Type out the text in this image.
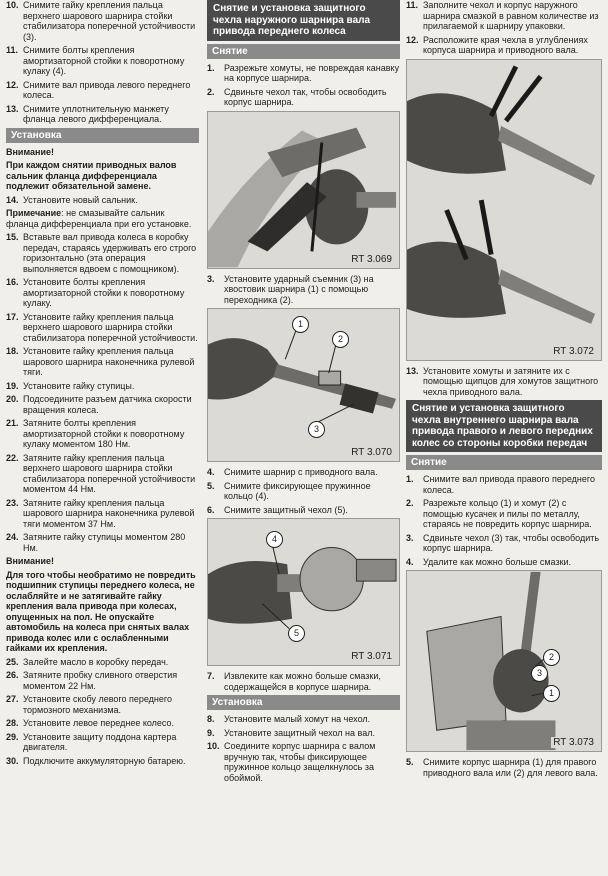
10. Снимите гайку крепления пальца верхнего шарового шарнира стойки стабилизатора поперечной устойчивости (3).
11. Снимите болты крепления амортизаторной стойки к поворотному кулаку (4).
12. Снимите вал привода левого переднего колеса.
13. Снимите уплотнительную манжету фланца левого дифференциала.
Установка
Внимание!
При каждом снятии приводных валов сальник фланца дифференциала подлежит обязательной замене.
14. Установите новый сальник.
Примечание: не смазывайте сальник фланца дифференциала при его установке.
15. Вставьте вал привода колеса в коробку передач, стараясь удерживать его строго горизонтально (эта операция выполняется вдвоем с помощником).
16. Установите болты крепления амортизаторной стойки к поворотному кулаку.
17. Установите гайку крепления пальца верхнего шарового шарнира стойки стабилизатора поперечной устойчивости.
18. Установите гайку крепления пальца шарового шарнира наконечника рулевой тяги.
19. Установите гайку ступицы.
20. Подсоедините разъем датчика скорости вращения колеса.
21. Затяните болты крепления амортизаторной стойки к поворотному кулаку моментом 180 Нм.
22. Затяните гайку крепления пальца верхнего шарового шарнира стойки стабилизатора поперечной устойчивости моментом 44 Нм.
23. Затяните гайку крепления пальца шарового шарнира наконечника рулевой тяги моментом 37 Нм.
24. Затяните гайку ступицы моментом 280 Нм.
Внимание!
Для того чтобы необратимо не повредить подшипник ступицы переднего колеса, не ослабляйте и не затягивайте гайку крепления вала привода при колесах, опущенных на пол. Не опускайте автомобиль на колеса при снятых валах привода колес или с ослабленными гайками их крепления.
25. Залейте масло в коробку передач.
26. Затяните пробку сливного отверстия моментом 22 Нм.
27. Установите скобу левого переднего тормозного механизма.
28. Установите левое переднее колесо.
29. Установите защиту поддона картера двигателя.
30. Подключите аккумуляторную батарею.
Снятие и установка защитного чехла наружного шарнира вала привода переднего колеса
Снятие
1.	Разрежьте хомуты, не повреждая канавку на корпусе шарнира.
2.	Сдвиньте чехол так, чтобы освободить корпус шарнира.
RT 3.069
3.	Установите ударный съемник (3) на хвостовик шарнира (1) с помощью переходника (2).
1
2
3
RT 3.070
4.	Снимите шарнир с приводного вала.
5.	Снимите фиксирующее пружинное кольцо (4).
6.	Снимите защитный чехол (5).
4
5
RT 3.071
7.	Извлеките как можно больше смазки, содержащейся в корпусе шарнира.
Установка
8.	Установите малый хомут на чехол.
9.	Установите защитный чехол на вал.
10. Соедините корпус шарнира с валом вручную так, чтобы фиксирующее пружинное кольцо защелкнулось за обоймой.
11. Заполните чехол и корпус наружного шарнира смазкой в равном количестве из прилагаемой к шарниру упаковки.
12. Расположите края чехла в углублениях корпуса шарнира и приводного вала.
RT 3.072
13. Установите хомуты и затяните их с помощью щипцов для хомутов защитного чехла приводного вала.
Снятие и установка защитного чехла внутреннего шарнира вала привода правого и левого передних колес со стороны коробки передач
Снятие
1.	Снимите вал привода правого переднего колеса.
2.	Разрежьте кольцо (1) и хомут (2) с помощью кусачек и пилы по металлу, стараясь не повредить корпус шарнира.
3.	Сдвиньте чехол (3) так, чтобы освободить корпус шарнира.
4.	Удалите как можно больше смазки.
2
3
1
RT 3.073
5.	Снимите корпус шарнира (1) для правого приводного вала или (2) для левого вала.
